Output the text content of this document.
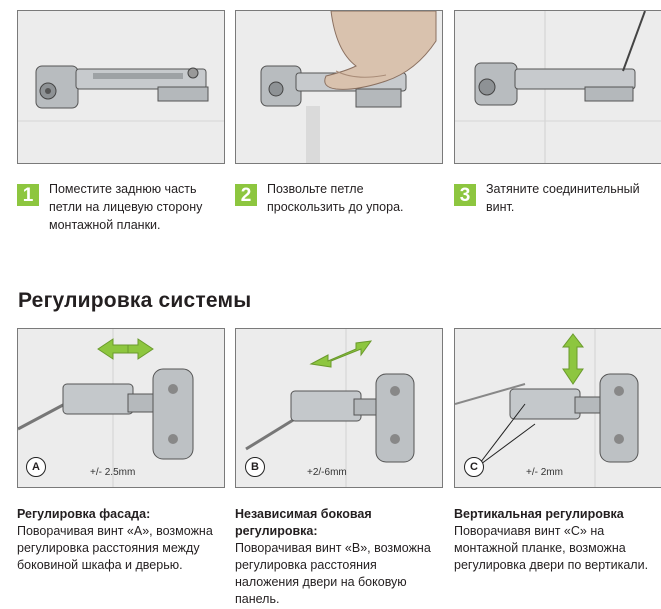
1	Поместите заднюю часть петли на лицевую сторону монтажной планки.
2	Позвольте петле проскользить до упора.
3	Затяните соединительный винт.
Регулировка системы
A	+/- 2.5mm	B	+2/-6mm	C	+/- 2mm
Регулировка фасада:
Поворачивая винт «А», возможна регулировка расстояния между боковиной шкафа и дверью.
Независимая боковая регулировка:
Поворачивая винт «В», возможна регулировка расстояния наложения двери на боковую панель.
Вертикальная регулировка
Поворачиавя винт «С» на монтажной планке, возможна регулировка двери по вертикали.
